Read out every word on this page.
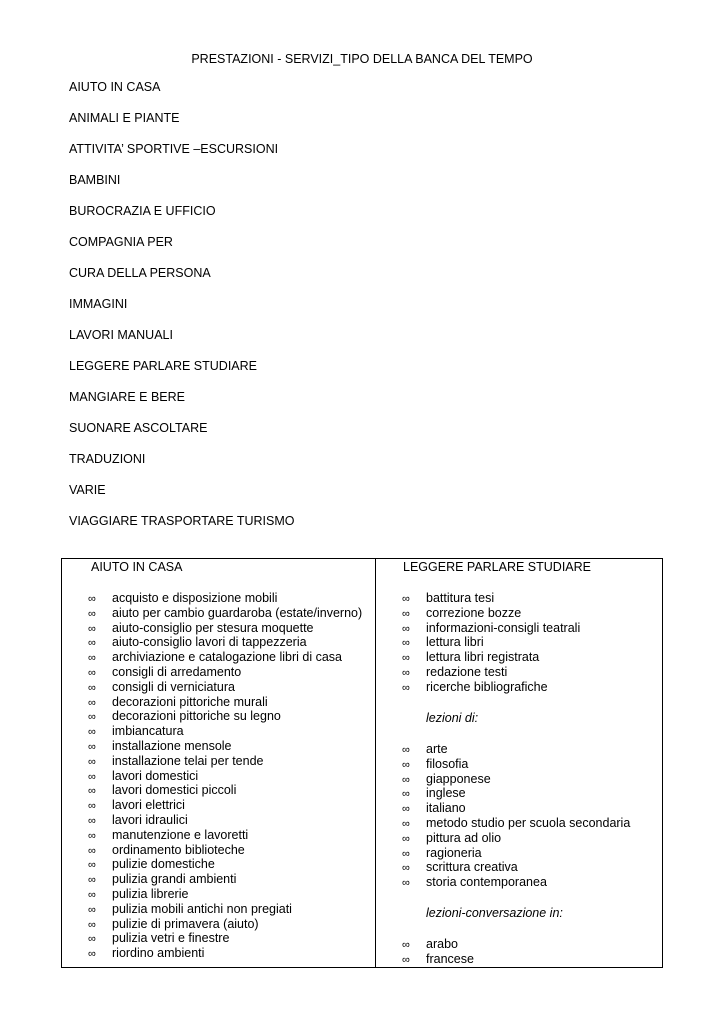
PRESTAZIONI - SERVIZI_TIPO DELLA BANCA DEL TEMPO
AIUTO IN CASA
ANIMALI E PIANTE
ATTIVITA’ SPORTIVE –ESCURSIONI
BAMBINI
BUROCRAZIA E UFFICIO
COMPAGNIA PER
CURA DELLA PERSONA
IMMAGINI
LAVORI MANUALI
LEGGERE PARLARE STUDIARE
MANGIARE E BERE
SUONARE ASCOLTARE
TRADUZIONI
VARIE
VIAGGIARE TRASPORTARE TURISMO
AIUTO IN CASA
∞ acquisto e disposizione mobili
∞ aiuto per cambio guardaroba (estate/inverno)
∞ aiuto-consiglio per stesura moquette
∞ aiuto-consiglio lavori di tappezzeria
∞ archiviazione e catalogazione libri di casa
∞ consigli di arredamento
∞ consigli di verniciatura
∞ decorazioni pittoriche murali
∞ decorazioni pittoriche su legno
∞ imbiancatura
∞ installazione mensole
∞ installazione telai per tende
∞ lavori domestici
∞ lavori domestici piccoli
∞ lavori elettrici
∞ lavori idraulici
∞ manutenzione e lavoretti
∞ ordinamento biblioteche
∞ pulizie domestiche
∞ pulizia grandi ambienti
∞ pulizia librerie
∞ pulizia mobili antichi non pregiati
∞ pulizie di primavera (aiuto)
∞ pulizia vetri e finestre
∞ riordino ambienti
LEGGERE PARLARE STUDIARE
∞ battitura tesi
∞ correzione bozze
∞ informazioni-consigli teatrali
∞ lettura libri
∞ lettura libri registrata
∞ redazione testi
∞ ricerche bibliografiche
lezioni di:
∞ arte
∞ filosofia
∞ giapponese
∞ inglese
∞ italiano
∞ metodo studio per scuola secondaria
∞ pittura ad olio
∞ ragioneria
∞ scrittura creativa
∞ storia contemporanea
lezioni-conversazione in:
∞ arabo
∞ francese
